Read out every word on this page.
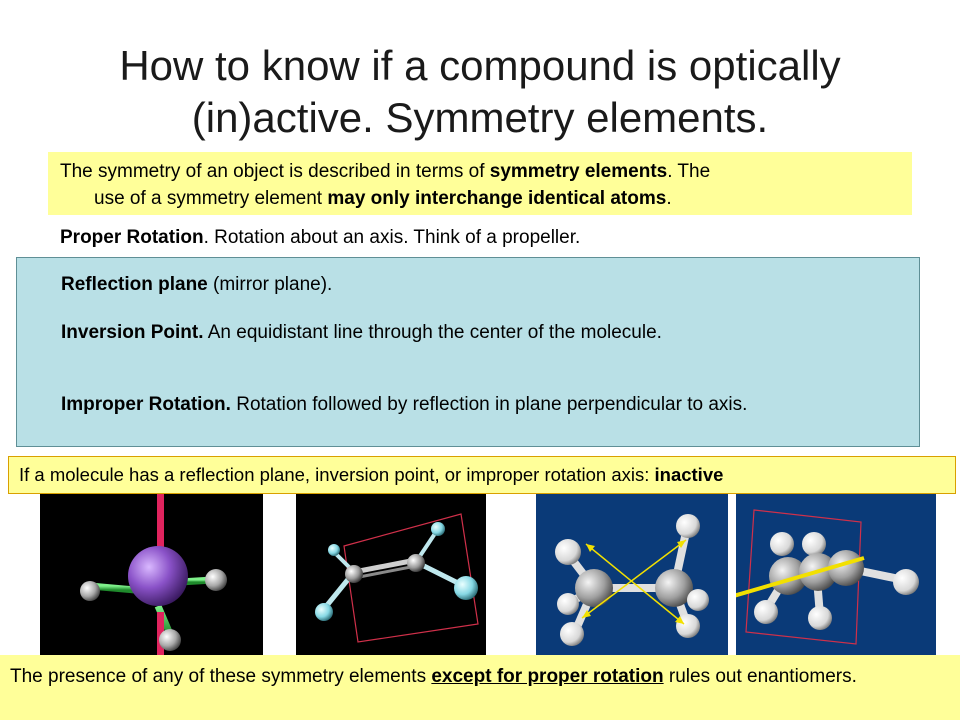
How to know if a compound is optically
(in)active. Symmetry elements.
The symmetry of an object is described in terms of symmetry elements. The
use of a symmetry element may only interchange identical atoms.
Proper Rotation. Rotation about an axis. Think of a propeller.
Reflection plane (mirror plane).
Inversion Point. An equidistant line through the center of the molecule.
Improper Rotation. Rotation followed by reflection in plane perpendicular to axis.
If a molecule has a reflection plane, inversion point, or improper rotation axis: inactive
The presence of any of these symmetry elements except for proper rotation rules out enantiomers.
